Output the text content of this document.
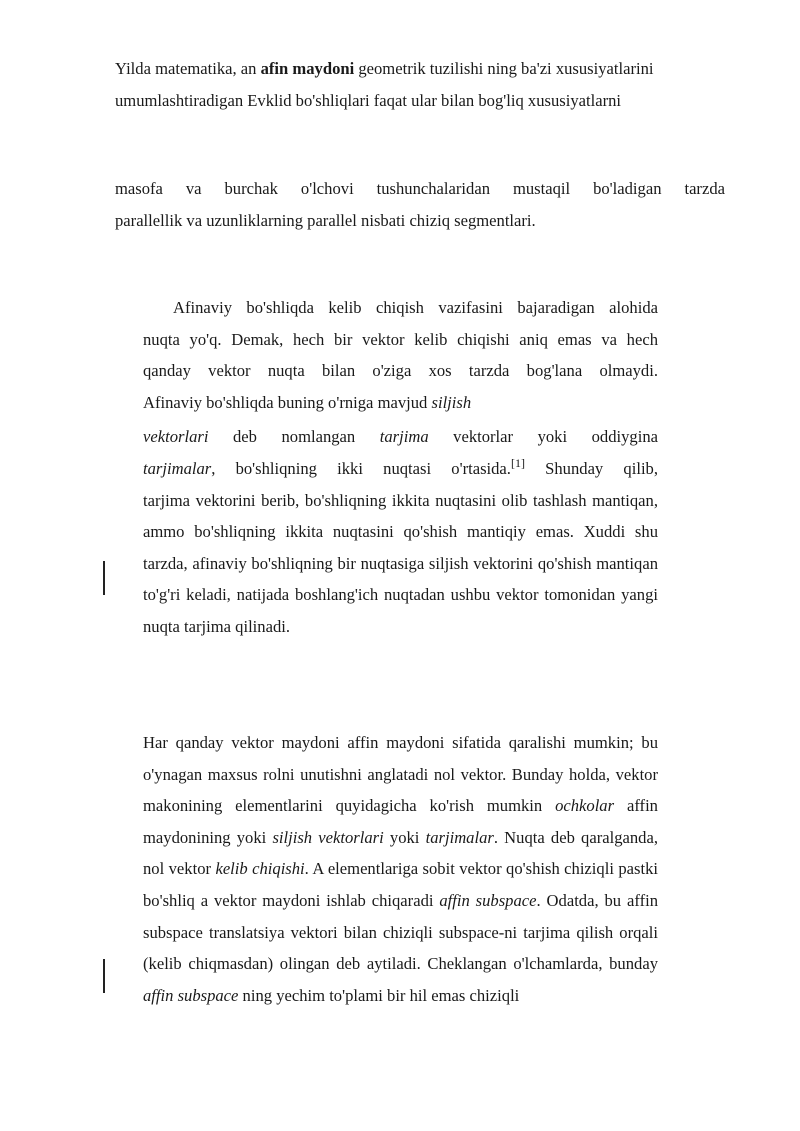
Yilda matematika, an afin maydoni geometrik tuzilishi ning ba'zi xususiyatlarini
umumlashtiradigan Evklid bo'shliqlari faqat ular bilan bog'liq xususiyatlarni
masofa va burchak o'lchovi tushunchalaridan mustaqil bo'ladigan tarzda
parallellik va uzunliklarning parallel nisbati chiziq segmentlari.
Afinaviy bo'shliqda kelib chiqish vazifasini bajaradigan alohida
nuqta yo'q. Demak, hech bir vektor kelib chiqishi aniq emas va hech
qanday vektor nuqta bilan o'ziga xos tarzda bog'lana olmaydi.
Afinaviy bo'shliqda buning o'rniga mavjud siljish
vektorlari deb nomlangan tarjima vektorlar yoki oddiygina
tarjimalar, bo'shliqning ikki nuqtasi o'rtasida.[1] Shunday qilib,
tarjima vektorini berib, bo'shliqning ikkita nuqtasini olib tashlash mantiqan, ammo bo'shliqning ikkita nuqtasini qo'shish mantiqiy emas. Xuddi shu tarzda, afinaviy bo'shliqning bir nuqtasiga siljish vektorini qo'shish mantiqan to'g'ri keladi, natijada boshlang'ich nuqtadan ushbu vektor tomonidan yangi nuqta tarjima qilinadi.
Har qanday vektor maydoni affin maydoni sifatida qaralishi mumkin; bu o'ynagan maxsus rolni unutishni anglatadi nol vektor. Bunday holda, vektor makonining elementlarini quyidagicha ko'rish mumkin ochkolar affin maydonining yoki siljish vektorlari yoki tarjimalar. Nuqta deb qaralganda, nol vektor kelib chiqishi. A elementlariga sobit vektor qo'shish chiziqli pastki bo'shliq a vektor maydoni ishlab chiqaradi affin subspace. Odatda, bu affin subspace translatsiya vektori bilan chiziqli subspace-ni tarjima qilish orqali (kelib chiqmasdan) olingan deb aytiladi. Cheklangan o'lchamlarda, bunday affin subspace ning yechim to'plami bir hil emas chiziqli
